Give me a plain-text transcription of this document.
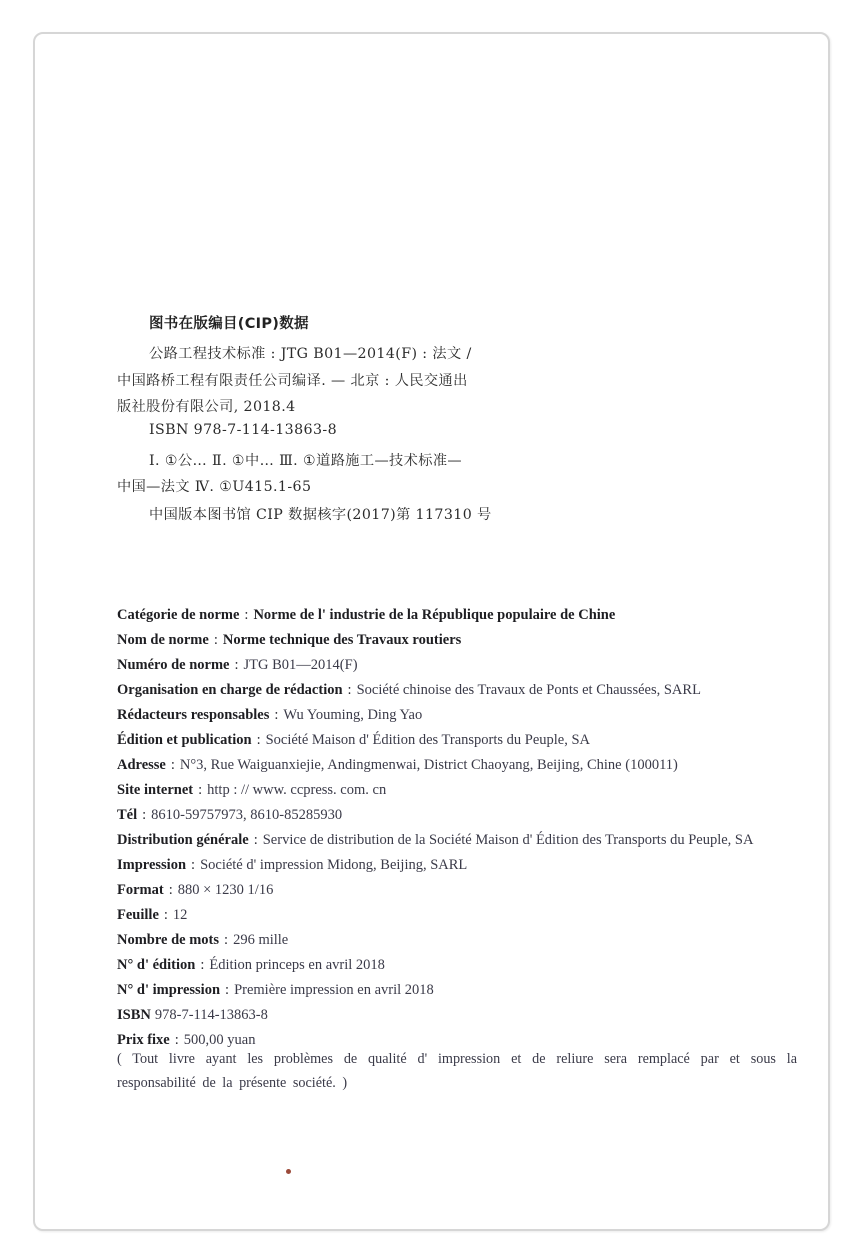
图书在版编目(CIP)数据
公路工程技术标准 : JTG B01—2014(F) : 法文 /
中国路桥工程有限责任公司编译. — 北京 : 人民交通出
版社股份有限公司, 2018.4
ISBN 978-7-114-13863-8
Ⅰ. ①公… Ⅱ. ①中… Ⅲ. ①道路施工—技术标准—
中国—法文 Ⅳ. ①U415.1-65
中国版本图书馆 CIP 数据核字(2017)第 117310 号
Catégorie de norme : Norme de l' industrie de la République populaire de Chine
Nom de norme : Norme technique des Travaux routiers
Numéro de norme : JTG B01—2014(F)
Organisation en charge de rédaction : Société chinoise des Travaux de Ponts et Chaussées, SARL
Rédacteurs responsables : Wu Youming, Ding Yao
Édition et publication : Société Maison d' Édition des Transports du Peuple, SA
Adresse : N°3, Rue Waiguanxiejie, Andingmenwai, District Chaoyang, Beijing, Chine (100011)
Site internet : http : // www. ccpress. com. cn
Tél : 8610-59757973, 8610-85285930
Distribution générale : Service de distribution de la Société Maison d' Édition des Transports du Peuple, SA
Impression : Société d' impression Midong, Beijing, SARL
Format : 880 × 1230 1/16
Feuille : 12
Nombre de mots : 296 mille
N° d' édition : Édition princeps en avril 2018
N° d' impression : Première impression en avril 2018
ISBN 978-7-114-13863-8
Prix fixe : 500,00 yuan
( Tout livre ayant les problèmes de qualité d' impression et de reliure sera remplacé par et sous la responsabilité de la présente société. )
